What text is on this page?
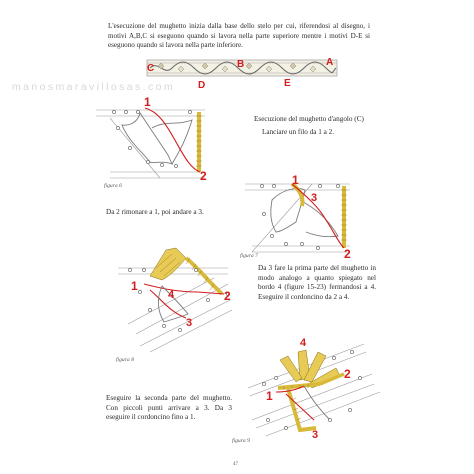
L'esecuzione del mughetto inizia dalla base dello stelo per cui, riferendosi al disegno, i motivi A,B,C si eseguono quando si lavora nella parte superiore mentre i motivi D-E si eseguono quando si lavora nella parte inferiore.

manosmaravillosas.com
C	B	A
D	E
1
2	1
3
2
1
2
3
4
4
2
1
3

Esecuzione del mughetto d'angolo (C)

Lanciare un filo da 1 a 2.

figura 6

Da 2 rimonare a 1, poi andare a 3.

figura 7

Da 3 fare la prima parte del mughetto in modo analogo a quanto spiegato nel bordo 4 (figure 15-23) fermandosi a 4. Eseguire il cordoncino da 2 a 4.

figura 8

Eseguire la seconda parte del mughetto. Con piccoli punti arrivare a 3. Da 3 eseguire il cordoncino fino a 1.

figura 9
47
